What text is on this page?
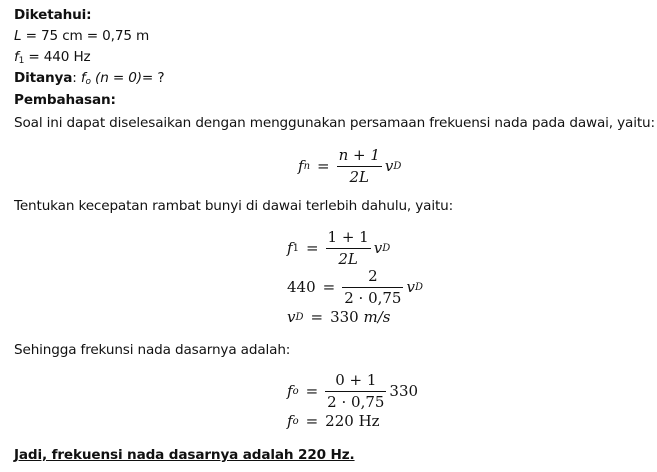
Diketahui:
L = 75 cm = 0,75 m
$f_1 = 440$ Hz
Ditanya: $f_o$ (n = 0)= ?
Pembahasan:
Soal ini dapat diselesaikan dengan menggunakan persamaan frekuensi nada pada dawai, yaitu:
f $n = \frac{n + 1}{2L}$ v D
Tentukan kecepatan rambat bunyi di dawai terlebih dahulu, yaitu:
f $1 = \frac{1 + 1}{2L}$ v D
$440 = \frac{2}{2 \cdot 0,75}$ v D
v D = 330
m/s
Sehingga frekunsi nada dasarnya adalah:
f $o = \frac{0 + 1}{2 \cdot 0,75} 330$
f o = 220 Hz
Jadi, frekuensi nada dasarnya adalah 220 Hz.
